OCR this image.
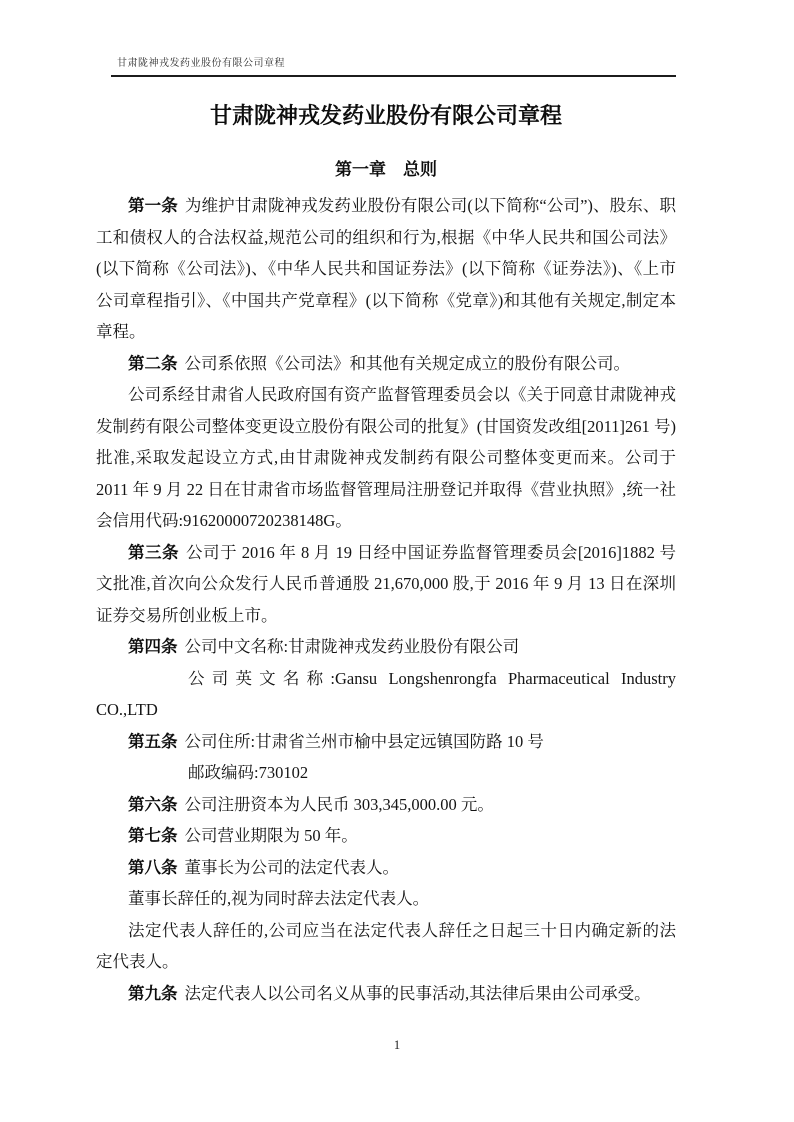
甘肃陇神戎发药业股份有限公司章程
甘肃陇神戎发药业股份有限公司章程
第一章　总则

第一条 为维护甘肃陇神戎发药业股份有限公司(以下简称“公司”)、股东、职工和债权人的合法权益,规范公司的组织和行为,根据《中华人民共和国公司法》(以下简称《公司法》)、《中华人民共和国证券法》(以下简称《证券法》)、《上市公司章程指引》、《中国共产党章程》(以下简称《党章》)和其他有关规定,制定本章程。

第二条 公司系依照《公司法》和其他有关规定成立的股份有限公司。

公司系经甘肃省人民政府国有资产监督管理委员会以《关于同意甘肃陇神戎发制药有限公司整体变更设立股份有限公司的批复》(甘国资发改组[2011]261 号)批准,采取发起设立方式,由甘肃陇神戎发制药有限公司整体变更而来。公司于 2011 年 9 月 22 日在甘肃省市场监督管理局注册登记并取得《营业执照》,统一社会信用代码:91620000720238148G。

第三条 公司于 2016 年 8 月 19 日经中国证券监督管理委员会[2016]1882 号文批准,首次向公众发行人民币普通股 21,670,000 股,于 2016 年 9 月 13 日在深圳证券交易所创业板上市。

第四条 公司中文名称:甘肃陇神戎发药业股份有限公司

公司英文名称:Gansu Longshenrongfa Pharmaceutical Industry CO.,LTD

第五条 公司住所:甘肃省兰州市榆中县定远镇国防路 10 号

邮政编码:730102

第六条 公司注册资本为人民币 303,345,000.00 元。

第七条 公司营业期限为 50 年。

第八条 董事长为公司的法定代表人。

董事长辞任的,视为同时辞去法定代表人。

法定代表人辞任的,公司应当在法定代表人辞任之日起三十日内确定新的法定代表人。

第九条 法定代表人以公司名义从事的民事活动,其法律后果由公司承受。

1
